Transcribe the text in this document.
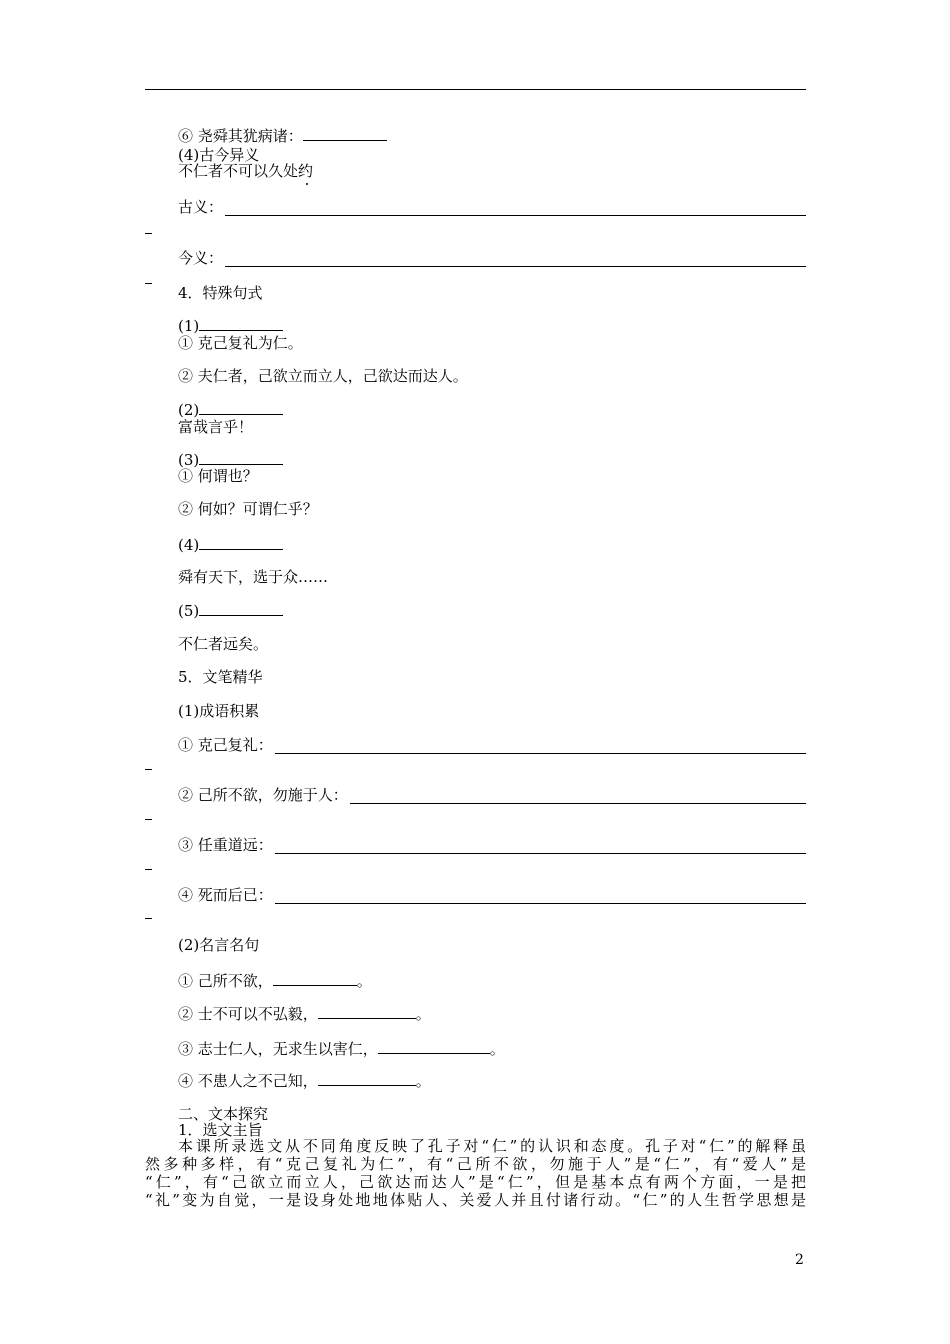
⑥ 尧舜其犹病诸：
(4)古今异义
不仁者不可以久处约
古义：
今义：
4．特殊句式
(1)
① 克己复礼为仁。
② 夫仁者，己欲立而立人，己欲达而达人。
(2)
富哉言乎！
(3)
① 何谓也？
② 何如？可谓仁乎？
(4)
舜有天下，选于众……
(5)
不仁者远矣。
5．文笔精华
(1)成语积累
① 克己复礼：
② 己所不欲，勿施于人：
③ 任重道远：
④ 死而后已：
(2)名言名句
① 己所不欲，	。
② 士不可以不弘毅，	。
③ 志士仁人，无求生以害仁，	。
④ 不患人之不己知，	。
二、文本探究
1．选文主旨
本课所录选文从不同角度反映了孔子对“仁”的认识和态度。孔子对“仁”的解释虽
然多种多样，有“克己复礼为仁”，有“己所不欲，勿施于人”是“仁”，有“爱人”是
“仁”，有“己欲立而立人，己欲达而达人”是“仁”，但是基本点有两个方面，一是把
“礼”变为自觉，一是设身处地地体贴人、关爱人并且付诸行动。“仁”的人生哲学思想是
2
